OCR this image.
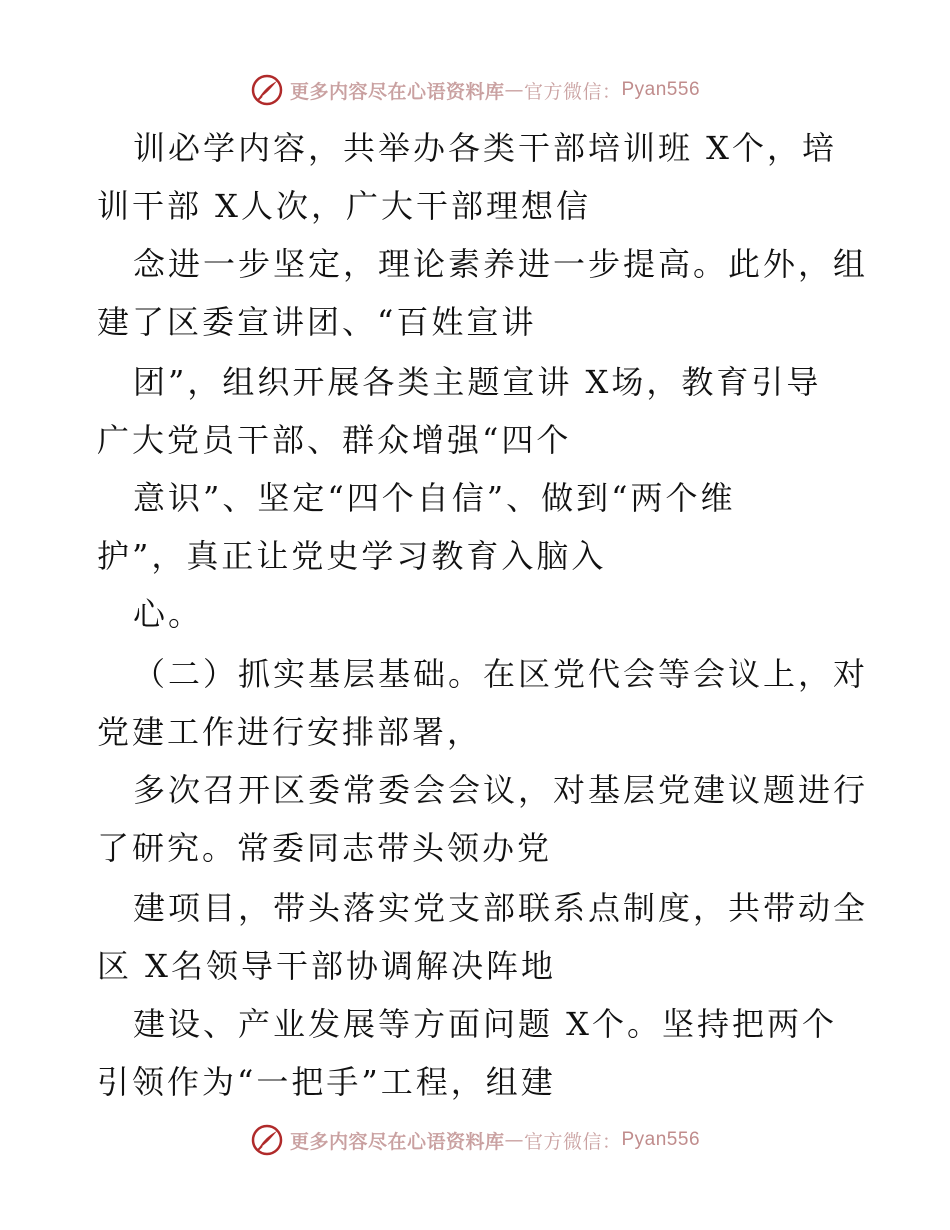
更多内容尽在心语资料库 — 官方微信： Pyan556
训必学内容，共举办各类干部培训班 X个，培
训干部 X人次，广大干部理想信
念进一步坚定，理论素养进一步提高。此外，组
建了区委宣讲团、“百姓宣讲
团”，组织开展各类主题宣讲 X场，教育引导
广大党员干部、群众增强“四个
意识”、坚定“四个自信”、做到“两个维
护”，真正让党史学习教育入脑入
心。
（二）抓实基层基础。在区党代会等会议上，对
党建工作进行安排部署，
多次召开区委常委会会议，对基层党建议题进行
了研究。常委同志带头领办党
建项目，带头落实党支部联系点制度，共带动全
区 X名领导干部协调解决阵地
建设、产业发展等方面问题 X个。坚持把两个
引领作为“一把手”工程，组建
更多内容尽在心语资料库 — 官方微信： Pyan556
